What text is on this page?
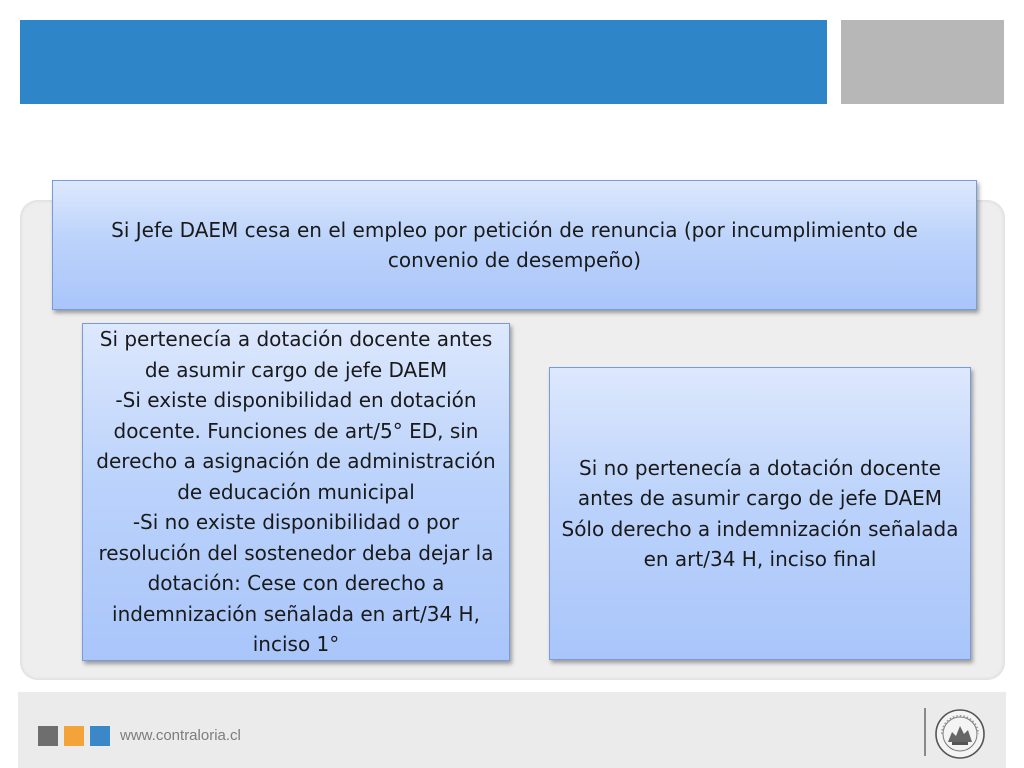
Si Jefe DAEM cesa en el empleo por petición de renuncia (por incumplimiento de convenio de desempeño)
Si pertenecía a dotación docente antes de asumir cargo de jefe DAEM
-Si existe disponibilidad en dotación docente. Funciones de art/5° ED, sin derecho a asignación de administración de educación municipal
-Si no existe disponibilidad o por resolución del sostenedor deba dejar la dotación: Cese con derecho a indemnización señalada en art/34 H, inciso 1°
Si no pertenecía a dotación docente antes de asumir cargo de jefe DAEM
Sólo derecho a indemnización señalada en art/34 H, inciso final
www.contraloria.cl
